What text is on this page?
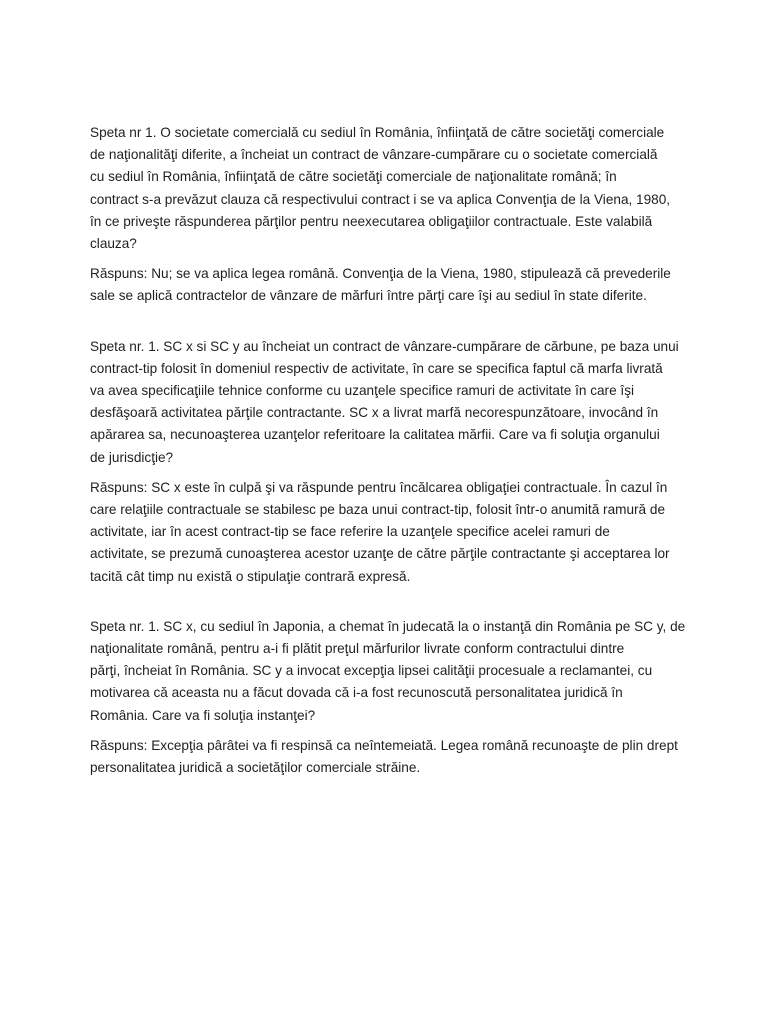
Speta nr 1. O societate comercială cu sediul în România, înfiinţată de către societăţi comerciale
de naţionalităţi diferite, a încheiat un contract de vânzare-cumpărare cu o societate comercială
cu sediul în România, înfiinţată de către societăţi comerciale de naţionalitate română; în
contract s-a prevăzut clauza că respectivului contract i se va aplica Convenţia de la Viena, 1980,
în ce priveşte răspunderea părţilor pentru neexecutarea obligaţiilor contractuale. Este valabilă
clauza?

Răspuns: Nu; se va aplica legea română. Convenţia de la Viena, 1980, stipulează că prevederile
sale se aplică contractelor de vânzare de mărfuri între părţi care îşi au sediul în state diferite.

Speta nr. 1. SC x si SC y au încheiat un contract de vânzare-cumpărare de cărbune, pe baza unui
contract-tip folosit în domeniul respectiv de activitate, în care se specifica faptul că marfa livrată
va avea specificaţiile tehnice conforme cu uzanţele specifice ramuri de activitate în care îşi
desfăşoară activitatea părţile contractante. SC x a livrat marfă necorespunzătoare, invocând în
apărarea sa, necunoaşterea uzanţelor referitoare la calitatea mărfii. Care va fi soluţia organului
de jurisdicţie?

Răspuns: SC x este în culpă şi va răspunde pentru încălcarea obligaţiei contractuale. În cazul în
care relaţiile contractuale se stabilesc pe baza unui contract-tip, folosit într-o anumită ramură de
activitate, iar în acest contract-tip se face referire la uzanţele specifice acelei ramuri de
activitate, se prezumă cunoaşterea acestor uzanţe de către părţile contractante şi acceptarea lor
tacită cât timp nu există o stipulaţie contrară expresă.

Speta nr. 1. SC x, cu sediul în Japonia, a chemat în judecată la o instanţă din România pe SC y, de
naţionalitate română, pentru a-i fi plătit preţul mărfurilor livrate conform contractului dintre
părţi, încheiat în România. SC y a invocat excepţia lipsei calităţii procesuale a reclamantei, cu
motivarea că aceasta nu a făcut dovada că i-a fost recunoscută personalitatea juridică în
România. Care va fi soluţia instanţei?

Răspuns: Excepţia pârâtei va fi respinsă ca neîntemeiată. Legea română recunoaşte de plin drept
personalitatea juridică a societăţilor comerciale străine.
